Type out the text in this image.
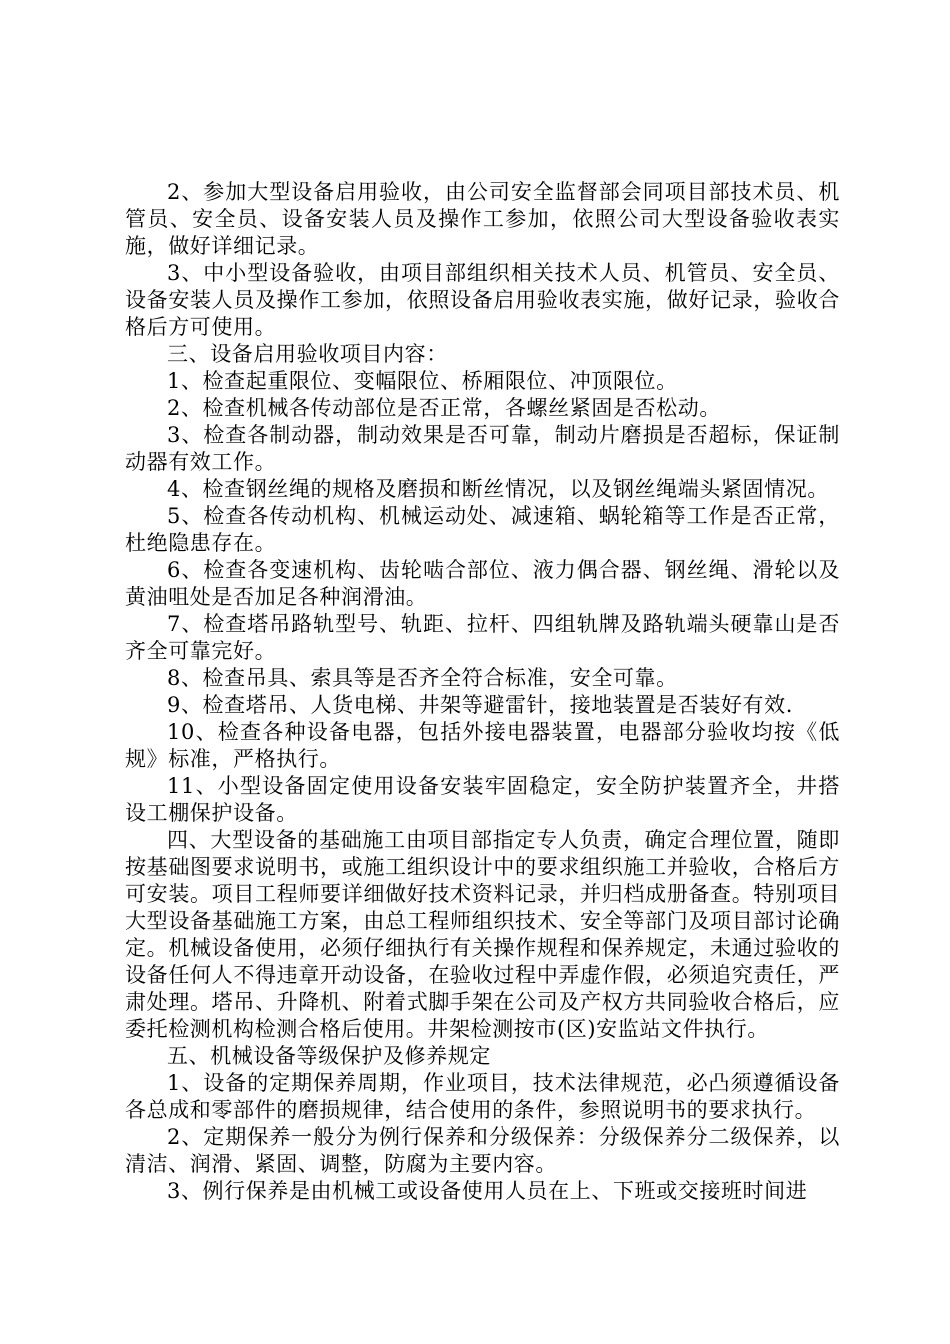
2、参加大型设备启用验收，由公司安全监督部会同项目部技术员、机管员、安全员、设备安装人员及操作工参加，依照公司大型设备验收表实施，做好详细记录。

3、中小型设备验收，由项目部组织相关技术人员、机管员、安全员、设备安装人员及操作工参加，依照设备启用验收表实施，做好记录，验收合格后方可使用。

三、设备启用验收项目内容：

1、检查起重限位、变幅限位、桥厢限位、冲顶限位。

2、检查机械各传动部位是否正常，各螺丝紧固是否松动。

3、检查各制动器，制动效果是否可靠，制动片磨损是否超标，保证制动器有效工作。

4、检查钢丝绳的规格及磨损和断丝情况，以及钢丝绳端头紧固情况。

5、检查各传动机构、机械运动处、减速箱、蜗轮箱等工作是否正常，杜绝隐患存在。

6、检查各变速机构、齿轮啮合部位、液力偶合器、钢丝绳、滑轮以及黄油咀处是否加足各种润滑油。

7、检查塔吊路轨型号、轨距、拉杆、四组轨牌及路轨端头硬靠山是否齐全可靠完好。

8、检查吊具、索具等是否齐全符合标准，安全可靠。

9、检查塔吊、人货电梯、井架等避雷针，接地装置是否装好有效.

10、检查各种设备电器，包括外接电器装置，电器部分验收均按《低规》标准，严格执行。

11、小型设备固定使用设备安装牢固稳定，安全防护装置齐全，井搭设工棚保护设备。

四、大型设备的基础施工由项目部指定专人负责，确定合理位置，随即按基础图要求说明书，或施工组织设计中的要求组织施工并验收，合格后方可安装。项目工程师要详细做好技术资料记录，并归档成册备查。特别项目大型设备基础施工方案，由总工程师组织技术、安全等部门及项目部讨论确定。机械设备使用，必须仔细执行有关操作规程和保养规定，未通过验收的设备任何人不得违章开动设备，在验收过程中弄虚作假，必须追究责任，严肃处理。塔吊、升降机、附着式脚手架在公司及产权方共同验收合格后，应委托检测机构检测合格后使用。井架检测按市(区)安监站文件执行。

五、机械设备等级保护及修养规定

1、设备的定期保养周期，作业项目，技术法律规范，必凸须遵循设备各总成和零部件的磨损规律，结合使用的条件，参照说明书的要求执行。

2、定期保养一般分为例行保养和分级保养：分级保养分二级保养，以清洁、润滑、紧固、调整，防腐为主要内容。

3、例行保养是由机械工或设备使用人员在上、下班或交接班时间进
